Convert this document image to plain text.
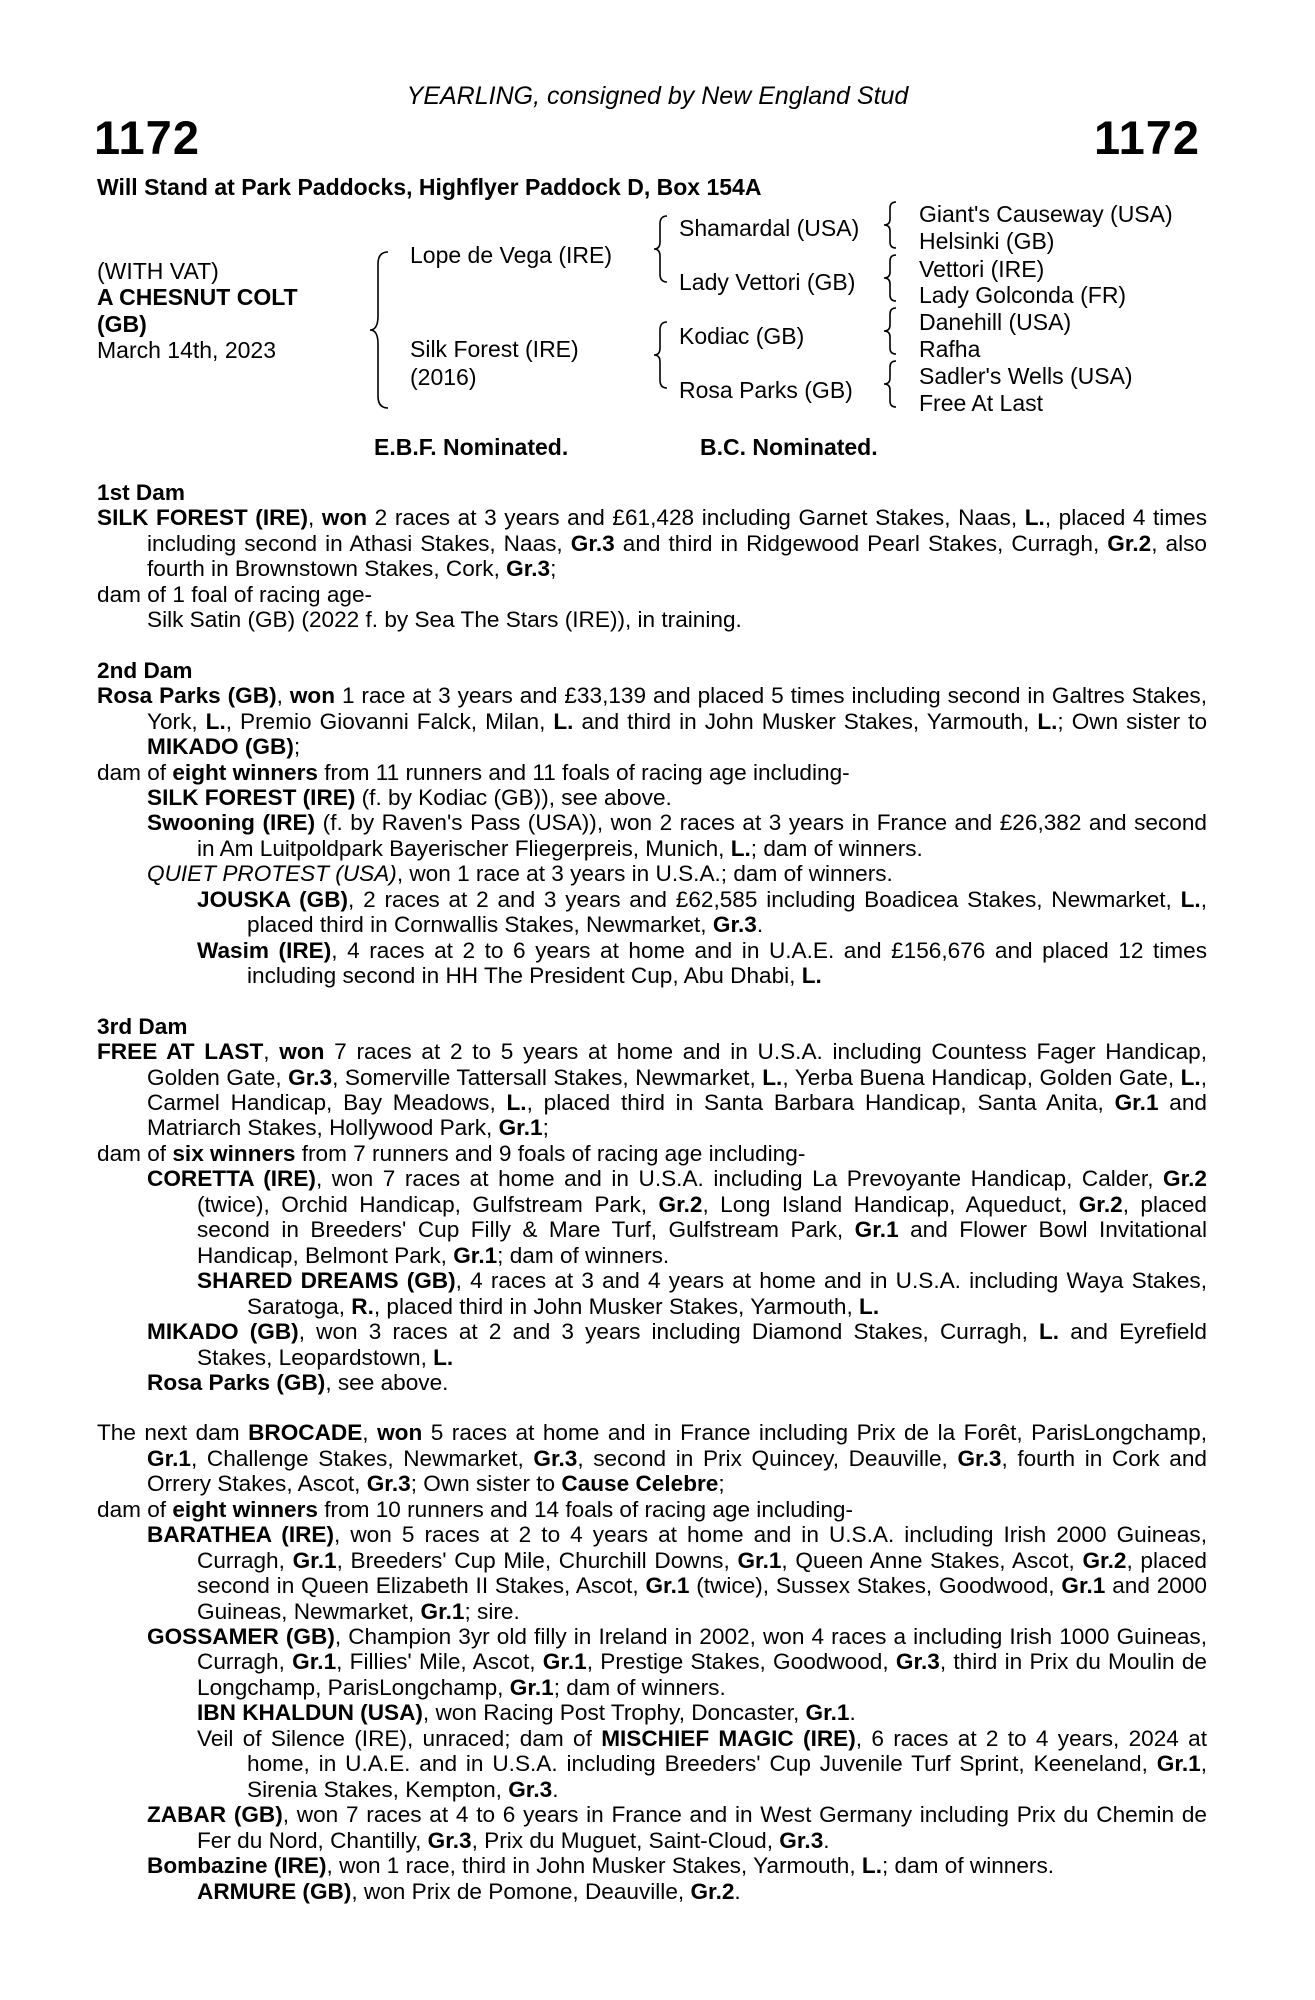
YEARLING, consigned by New England Stud
1172	1172
Will Stand at Park Paddocks, Highflyer Paddock D, Box 154A
(WITH VAT)
A CHESNUT COLT
(GB)
March 14th, 2023
Lope de Vega (IRE)
Silk Forest (IRE)
(2016)
Shamardal (USA)
Lady Vettori (GB)
Kodiac (GB)
Rosa Parks (GB)
Giant's Causeway (USA)
Helsinki (GB)
Vettori (IRE)
Lady Golconda (FR)
Danehill (USA)
Rafha
Sadler's Wells (USA)
Free At Last
E.B.F. Nominated.	B.C. Nominated.
1st Dam
SILK FOREST (IRE), won 2 races at 3 years and £61,428 including Garnet Stakes, Naas, L., placed 4 times including second in Athasi Stakes, Naas, Gr.3 and third in Ridgewood Pearl Stakes, Curragh, Gr.2, also fourth in Brownstown Stakes, Cork, Gr.3;
dam of 1 foal of racing age-
Silk Satin (GB) (2022 f. by Sea The Stars (IRE)), in training.
2nd Dam
Rosa Parks (GB), won 1 race at 3 years and £33,139 and placed 5 times including second in Galtres Stakes, York, L., Premio Giovanni Falck, Milan, L. and third in John Musker Stakes, Yarmouth, L.; Own sister to MIKADO (GB);
dam of eight winners from 11 runners and 11 foals of racing age including-
SILK FOREST (IRE) (f. by Kodiac (GB)), see above.
Swooning (IRE) (f. by Raven's Pass (USA)), won 2 races at 3 years in France and £26,382 and second in Am Luitpoldpark Bayerischer Fliegerpreis, Munich, L.; dam of winners.
QUIET PROTEST (USA), won 1 race at 3 years in U.S.A.; dam of winners.
JOUSKA (GB), 2 races at 2 and 3 years and £62,585 including Boadicea Stakes, Newmarket, L., placed third in Cornwallis Stakes, Newmarket, Gr.3.
Wasim (IRE), 4 races at 2 to 6 years at home and in U.A.E. and £156,676 and placed 12 times including second in HH The President Cup, Abu Dhabi, L.
3rd Dam
FREE AT LAST, won 7 races at 2 to 5 years at home and in U.S.A. including Countess Fager Handicap, Golden Gate, Gr.3, Somerville Tattersall Stakes, Newmarket, L., Yerba Buena Handicap, Golden Gate, L., Carmel Handicap, Bay Meadows, L., placed third in Santa Barbara Handicap, Santa Anita, Gr.1 and Matriarch Stakes, Hollywood Park, Gr.1;
dam of six winners from 7 runners and 9 foals of racing age including-
CORETTA (IRE), won 7 races at home and in U.S.A. including La Prevoyante Handicap, Calder, Gr.2 (twice), Orchid Handicap, Gulfstream Park, Gr.2, Long Island Handicap, Aqueduct, Gr.2, placed second in Breeders' Cup Filly & Mare Turf, Gulfstream Park, Gr.1 and Flower Bowl Invitational Handicap, Belmont Park, Gr.1; dam of winners.
SHARED DREAMS (GB), 4 races at 3 and 4 years at home and in U.S.A. including Waya Stakes, Saratoga, R., placed third in John Musker Stakes, Yarmouth, L.
MIKADO (GB), won 3 races at 2 and 3 years including Diamond Stakes, Curragh, L. and Eyrefield Stakes, Leopardstown, L.
Rosa Parks (GB), see above.
The next dam BROCADE, won 5 races at home and in France including Prix de la Forêt, ParisLongchamp, Gr.1, Challenge Stakes, Newmarket, Gr.3, second in Prix Quincey, Deauville, Gr.3, fourth in Cork and Orrery Stakes, Ascot, Gr.3; Own sister to Cause Celebre;
dam of eight winners from 10 runners and 14 foals of racing age including-
BARATHEA (IRE), won 5 races at 2 to 4 years at home and in U.S.A. including Irish 2000 Guineas, Curragh, Gr.1, Breeders' Cup Mile, Churchill Downs, Gr.1, Queen Anne Stakes, Ascot, Gr.2, placed second in Queen Elizabeth II Stakes, Ascot, Gr.1 (twice), Sussex Stakes, Goodwood, Gr.1 and 2000 Guineas, Newmarket, Gr.1; sire.
GOSSAMER (GB), Champion 3yr old filly in Ireland in 2002, won 4 races a including Irish 1000 Guineas, Curragh, Gr.1, Fillies' Mile, Ascot, Gr.1, Prestige Stakes, Goodwood, Gr.3, third in Prix du Moulin de Longchamp, ParisLongchamp, Gr.1; dam of winners.
IBN KHALDUN (USA), won Racing Post Trophy, Doncaster, Gr.1.
Veil of Silence (IRE), unraced; dam of MISCHIEF MAGIC (IRE), 6 races at 2 to 4 years, 2024 at home, in U.A.E. and in U.S.A. including Breeders' Cup Juvenile Turf Sprint, Keeneland, Gr.1, Sirenia Stakes, Kempton, Gr.3.
ZABAR (GB), won 7 races at 4 to 6 years in France and in West Germany including Prix du Chemin de Fer du Nord, Chantilly, Gr.3, Prix du Muguet, Saint-Cloud, Gr.3.
Bombazine (IRE), won 1 race, third in John Musker Stakes, Yarmouth, L.; dam of winners.
ARMURE (GB), won Prix de Pomone, Deauville, Gr.2.
